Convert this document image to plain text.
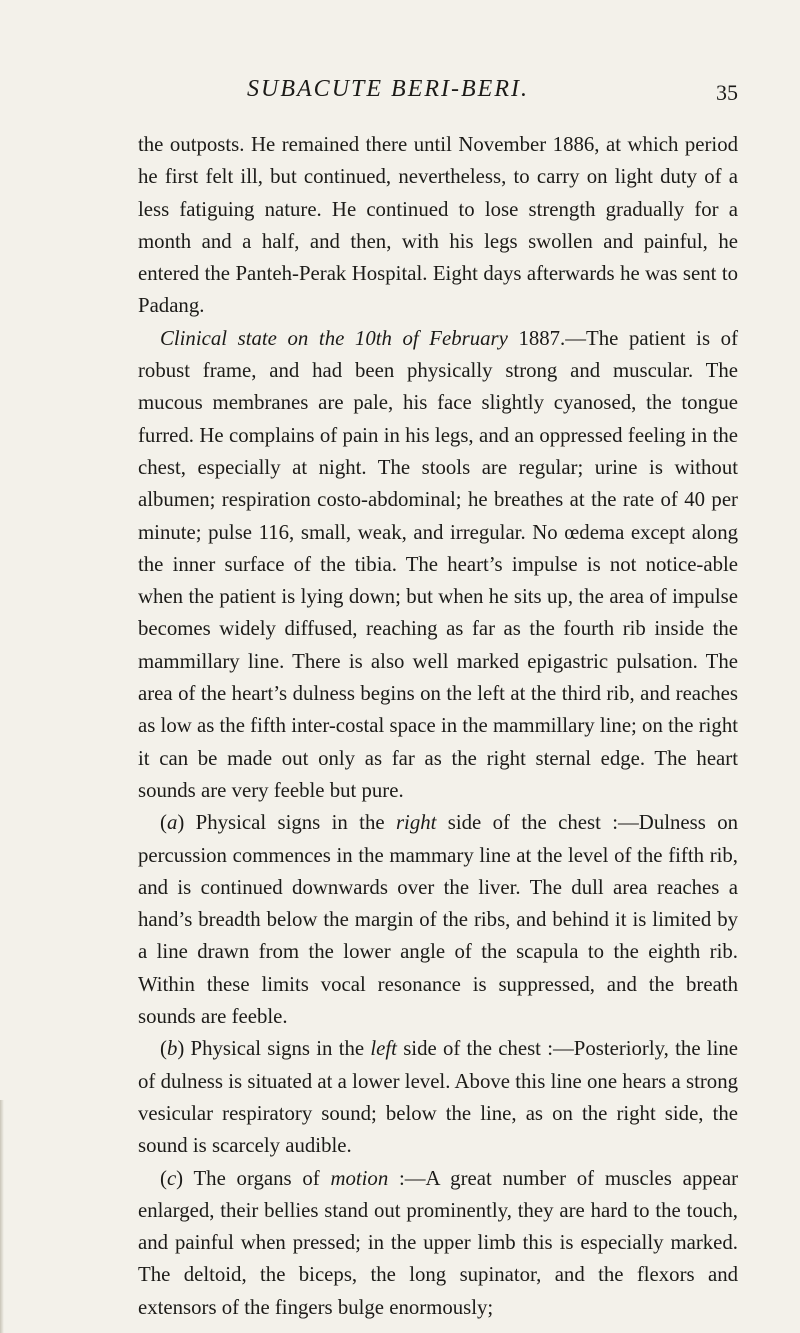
SUBACUTE BERI-BERI.	35

the outposts. He remained there until November 1886, at which period he first felt ill, but continued, nevertheless, to carry on light duty of a less fatiguing nature. He continued to lose strength gradually for a month and a half, and then, with his legs swollen and painful, he entered the Panteh-Perak Hospital. Eight days afterwards he was sent to Padang.

Clinical state on the 10th of February 1887.—The patient is of robust frame, and had been physically strong and muscular. The mucous membranes are pale, his face slightly cyanosed, the tongue furred. He complains of pain in his legs, and an oppressed feeling in the chest, especially at night. The stools are regular; urine is without albumen; respiration costo-abdominal; he breathes at the rate of 40 per minute; pulse 116, small, weak, and irregular. No œdema except along the inner surface of the tibia. The heart’s impulse is not notice-able when the patient is lying down; but when he sits up, the area of impulse becomes widely diffused, reaching as far as the fourth rib inside the mammillary line. There is also well marked epigastric pulsation. The area of the heart’s dulness begins on the left at the third rib, and reaches as low as the fifth inter-costal space in the mammillary line; on the right it can be made out only as far as the right sternal edge. The heart sounds are very feeble but pure.

(a) Physical signs in the right side of the chest :—Dulness on percussion commences in the mammary line at the level of the fifth rib, and is continued downwards over the liver. The dull area reaches a hand’s breadth below the margin of the ribs, and behind it is limited by a line drawn from the lower angle of the scapula to the eighth rib. Within these limits vocal resonance is suppressed, and the breath sounds are feeble.

(b) Physical signs in the left side of the chest :—Posteriorly, the line of dulness is situated at a lower level. Above this line one hears a strong vesicular respiratory sound; below the line, as on the right side, the sound is scarcely audible.

(c) The organs of motion :—A great number of muscles appear enlarged, their bellies stand out prominently, they are hard to the touch, and painful when pressed; in the upper limb this is especially marked. The deltoid, the biceps, the long supinator, and the flexors and extensors of the fingers bulge enormously;
